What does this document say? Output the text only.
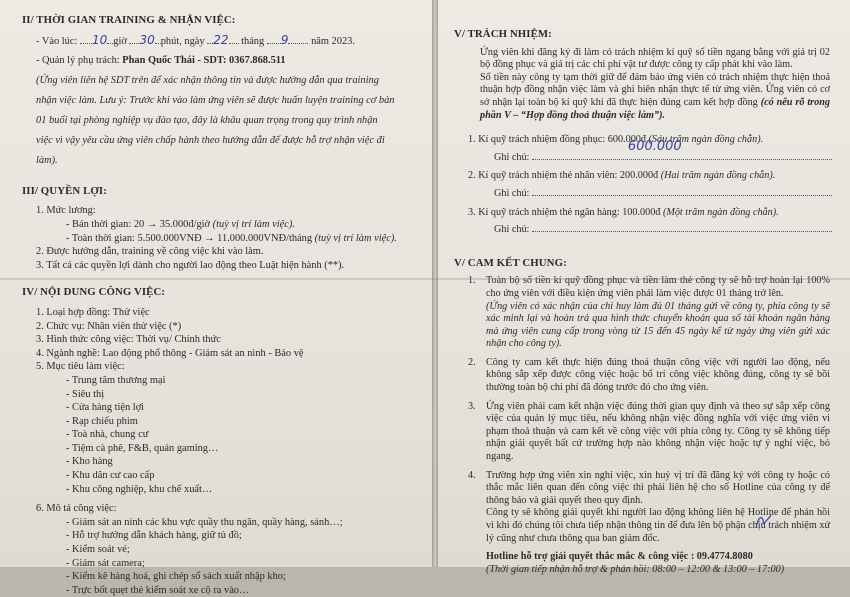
II/ THỜI GIAN TRAINING & NHẬN VIỆC:
- Vào lúc: 10 giờ 30 phút, ngày 22 tháng 9 năm 2023.
- Quản lý phụ trách: Phan Quốc Thái - SDT: 0367.868.511
(Ứng viên liên hệ SDT trên để xác nhận thông tin và được hướng dẫn qua training
nhận việc làm. Lưu ý: Trước khi vào làm ứng viên sẽ được huấn luyện training cơ bản
01 buổi tại phòng nghiệp vụ đào tạo, đây là khâu quan trọng trong quy trình nhận
việc vì vậy yêu cầu ứng viên chấp hành theo hướng dẫn để được hỗ trợ nhận việc đi
làm).
III/ QUYỀN LỢI:
1. Mức lương:
- Bán thời gian: 20 → 35.000đ/giờ (tuỳ vị trí làm việc).
- Toàn thời gian: 5.500.000VNĐ → 11.000.000VNĐ/tháng (tuỳ vị trí làm việc).
2. Được hướng dẫn, training về công việc khi vào làm.
3. Tất cả các quyền lợi dành cho người lao động theo Luật hiện hành (**).
IV/ NỘI DUNG CÔNG VIỆC:
1. Loại hợp đồng: Thử việc
2. Chức vụ: Nhân viên thử việc (*)
3. Hình thức công việc: Thời vụ/ Chính thức
4. Ngành nghề: Lao động phổ thông - Giám sát an ninh - Bảo vệ
5. Mục tiêu làm việc:
- Trung tâm thương mại
- Siêu thị
- Cửa hàng tiện lợi
- Rạp chiếu phim
- Toà nhà, chung cư
- Tiệm cà phê, F&B, quán gaming…
- Kho hàng
- Khu dân cư cao cấp
- Khu công nghiệp, khu chế xuất…
6. Mô tả công việc:
- Giám sát an ninh các khu vực quầy thu ngân, quầy hàng, sảnh…;
- Hỗ trợ hướng dẫn khách hàng, giữ tủ đồ;
- Kiểm soát vé;
- Giám sát camera;
- Kiểm kê hàng hoá, ghi chép sổ sách xuất nhập kho;
- Trực bốt quẹt thẻ kiểm soát xe cộ ra vào…
V/ TRÁCH NHIỆM:

Ứng viên khi đăng ký đi làm có trách nhiệm kí quỹ số tiền ngang bằng với giá trị 02 bộ đồng phục và giá trị các chi phí vật tư được công ty cấp phát khi vào làm.

Số tiền này công ty tạm thời giữ để đảm bảo ứng viên có trách nhiệm thực hiện thoả thuận hợp đồng nhận việc làm và ghi biên nhận thực tế từ ứng viên. Ứng viên có cơ sở nhận lại toàn bộ kí quỹ khi đã thực hiện đúng cam kết hợp đồng (có nêu rõ trong phần V – “Hợp đồng thoả thuận việc làm”).

1. Kí quỹ trách nhiệm đồng phục: 600.000đ (Sáu trăm ngàn đồng chẵn).
Ghi chú:
600.000
2. Kí quỹ trách nhiệm thẻ nhân viên: 200.000đ (Hai trăm ngàn đồng chẵn).
Ghi chú:
3. Kí quỹ trách nhiệm thẻ ngân hàng: 100.000đ (Một trăm ngàn đồng chẵn).
Ghi chú:
V/ CAM KẾT CHUNG:
1.	Toàn bộ số tiền kí quỹ đồng phục và tiền làm thẻ công ty sẽ hỗ trợ hoàn lại 100% cho ứng viên với điều kiện ứng viên phải làm việc được 01 tháng trở lên.

(Ứng viên có xác nhận của chỉ huy làm đủ 01 tháng gửi về công ty, phía công ty sẽ xác minh lại và hoàn trả qua hình thức chuyển khoản qua số tài khoản ngân hàng mà ứng viên cung cấp trong vòng từ 15 đến 45 ngày kể từ ngày ứng viên gửi xác nhận cho công ty).

2.	Công ty cam kết thực hiện đúng thoả thuận công việc với người lao động, nếu không sắp xếp được công việc hoặc bố trí công việc không đúng, công ty sẽ bồi thường toàn bộ chi phí đã đóng trước đó cho ứng viên.

3.	Ứng viên phải cam kết nhận việc đúng thời gian quy định và theo sự sắp xếp công việc của quản lý mục tiêu, nếu không nhận việc đồng nghĩa với việc ứng viên vi phạm thoả thuận và cam kết về công việc với phía công ty. Công ty sẽ không tiếp nhận giải quyết bất cứ trường hợp nào không nhận việc hoặc tự ý nghỉ việc, bỏ ngang.

4.	Trường hợp ứng viên xin nghỉ việc, xin huỷ vị trí đã đăng ký với công ty hoặc có thắc mắc liên quan đến công việc thì phải liên hệ cho số Hotline của công ty để thông báo và giải quyết theo quy định.

Công ty sẽ không giải quyết khi người lao động không liên hệ Hotline để phản hồi vì khi đó chúng tôi chưa tiếp nhận thông tin để đưa lên bộ phận chịu trách nhiệm xử lý cũng như chưa thông qua ban giám đốc.

Hotline hỗ trợ giải quyết thắc mắc & công việc : 09.4774.8080
(Thời gian tiếp nhận hỗ trợ & phản hồi: 08:00 – 12:00 & 13:00 – 17:00)
